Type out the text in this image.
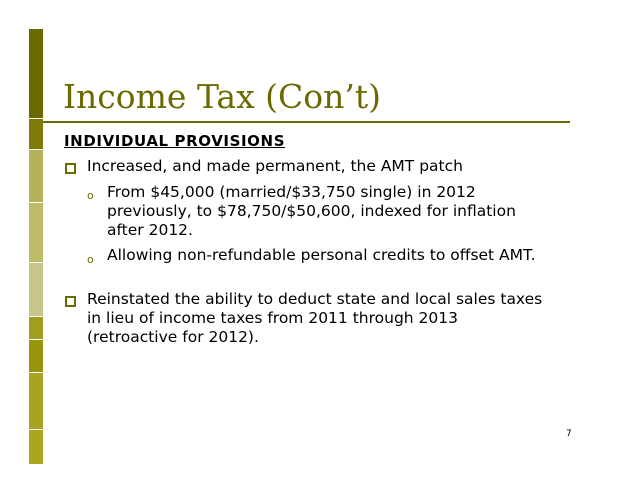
Income Tax (Con’t)
INDIVIDUAL PROVISIONS

Increased, and made permanent, the AMT patch

o From $45,000 (married/$33,750 single) in 2012

previously, to $78,750/$50,600, indexed for inflation

after 2012.

o Allowing non-refundable personal credits to offset AMT.

Reinstated the ability to deduct state and local sales taxes

in lieu of income taxes from 2011 through 2013

(retroactive for 2012).

7
